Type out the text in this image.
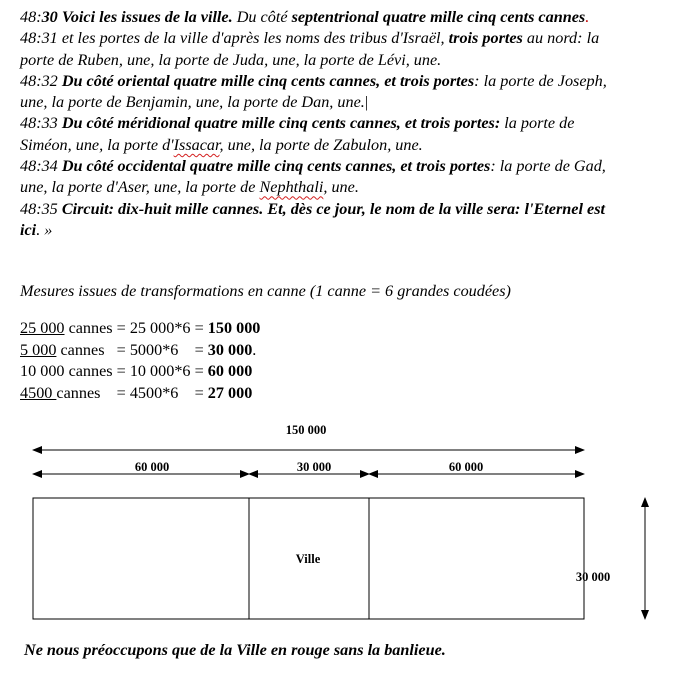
48:30 Voici les issues de la ville. Du côté septentrional quatre mille cinq cents cannes.

48:31 et les portes de la ville d'après les noms des tribus d'Israël, trois portes au nord: la porte de Ruben, une, la porte de Juda, une, la porte de Lévi, une.

48:32 Du côté oriental quatre mille cinq cents cannes, et trois portes: la porte de Joseph, une, la porte de Benjamin, une, la porte de Dan, une.|

48:33 Du côté méridional quatre mille cinq cents cannes, et trois portes: la porte de Siméon, une, la porte d'Issacar, une, la porte de Zabulon, une.

48:34 Du côté occidental quatre mille cinq cents cannes, et trois portes: la porte de Gad, une, la porte d'Aser, une, la porte de Nephthali, une.

48:35 Circuit: dix-huit mille cannes. Et, dès ce jour, le nom de la ville sera: l'Eternel est ici. »

Mesures issues de transformations en canne (1 canne = 6 grandes coudées)
25 000 cannes = 25 000*6 = 150 000
5 000 cannes   = 5000*6    = 30 000.
10 000 cannes = 10 000*6 = 60 000
4500 cannes    = 4500*6    = 27 000
150 000
60 000	30 000	60 000
Ville
30 000
Ne nous préoccupons que de la Ville en rouge sans la banlieue.
